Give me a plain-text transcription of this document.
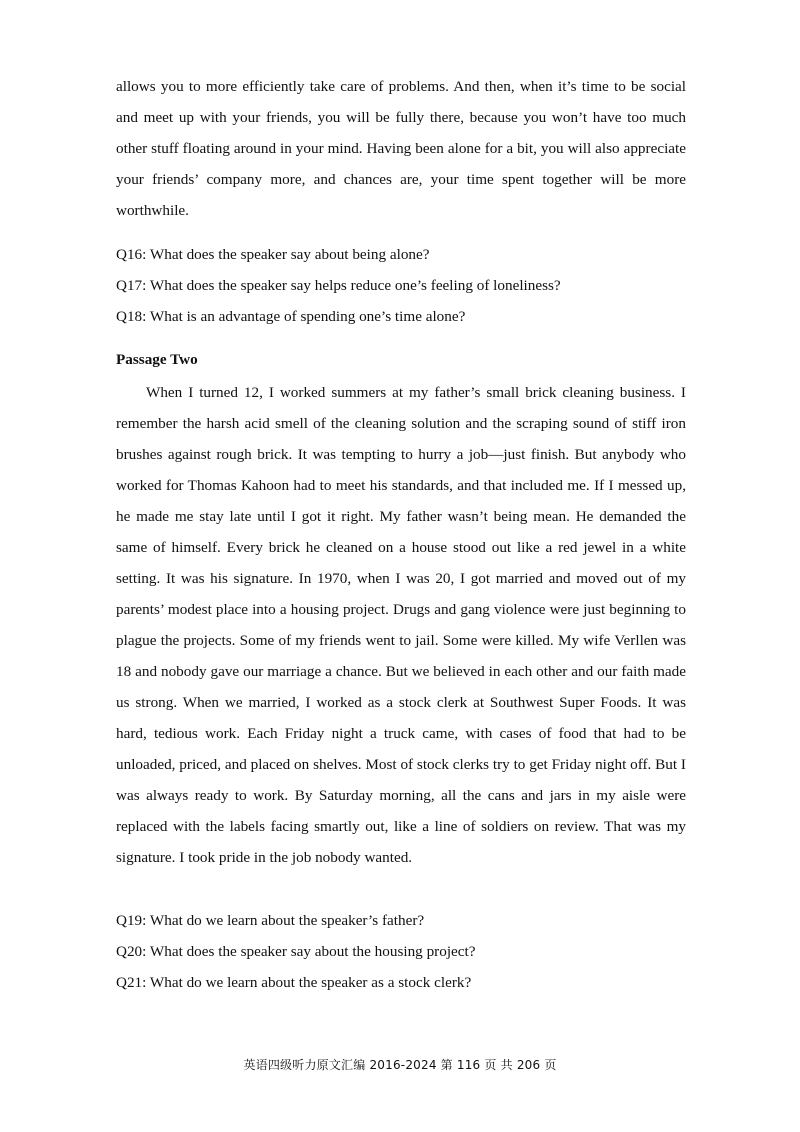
allows you to more efficiently take care of problems. And then, when it’s time to be social and meet up with your friends, you will be fully there, because you won’t have too much other stuff floating around in your mind. Having been alone for a bit, you will also appreciate your friends’ company more, and chances are, your time spent together will be more worthwhile.

Q16: What does the speaker say about being alone?

Q17: What does the speaker say helps reduce one’s feeling of loneliness?

Q18: What is an advantage of spending one’s time alone?

Passage Two

When I turned 12, I worked summers at my father’s small brick cleaning business. I remember the harsh acid smell of the cleaning solution and the scraping sound of stiff iron brushes against rough brick. It was tempting to hurry a job—just finish. But anybody who worked for Thomas Kahoon had to meet his standards, and that included me. If I messed up, he made me stay late until I got it right. My father wasn’t being mean. He demanded the same of himself. Every brick he cleaned on a house stood out like a red jewel in a white setting. It was his signature. In 1970, when I was 20, I got married and moved out of my parents’ modest place into a housing project. Drugs and gang violence were just beginning to plague the projects. Some of my friends went to jail. Some were killed. My wife Verllen was 18 and nobody gave our marriage a chance. But we believed in each other and our faith made us strong. When we married, I worked as a stock clerk at Southwest Super Foods. It was hard, tedious work. Each Friday night a truck came, with cases of food that had to be unloaded, priced, and placed on shelves. Most of stock clerks try to get Friday night off. But I was always ready to work. By Saturday morning, all the cans and jars in my aisle were replaced with the labels facing smartly out, like a line of soldiers on review. That was my signature. I took pride in the job nobody wanted.

Q19: What do we learn about the speaker’s father?

Q20: What does the speaker say about the housing project?

Q21: What do we learn about the speaker as a stock clerk?

英语四级听力原文汇编 2016-2024 第 116 页 共 206 页
